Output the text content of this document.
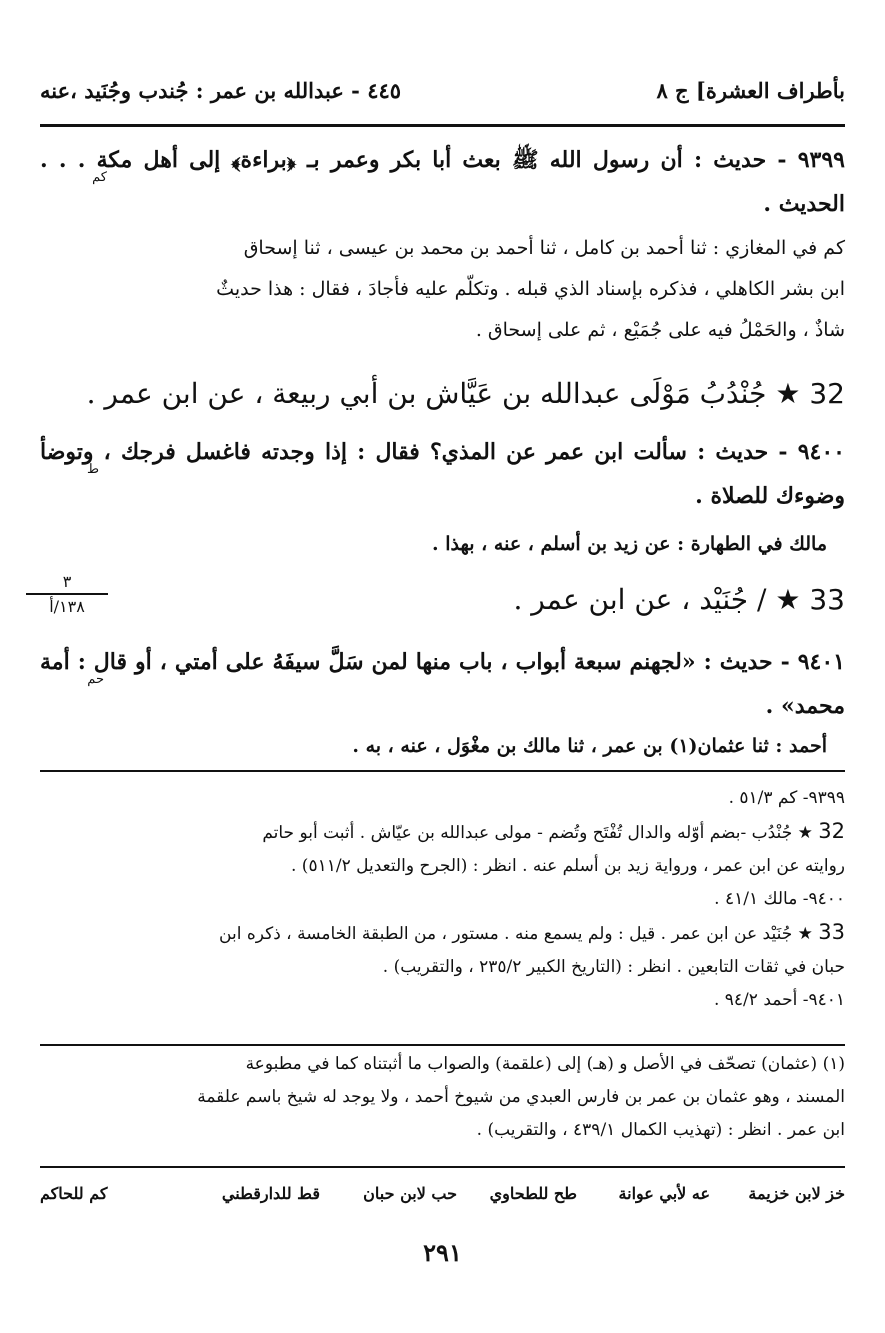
بأطراف العشرة] ج ٨
٤٤٥ - عبدالله بن عمر : جُندب وجُنَيد ،عنه
٩٣٩٩ - حديث : أن رسول الله ﷺ بعث أبا بكر وعمر بـ ﴿براءة﴾ إلى أهل مكة . . . الحديث .
كم
كم في المغازي : ثنا أحمد بن كامل ، ثنا أحمد بن محمد بن عيسى ، ثنا إسحاق
ابن بشر الكاهلي ، فذكره بإسناد الذي قبله . وتكلّم عليه فأجادَ ، فقال : هذا حديثٌ
شاذٌ ، والحَمْلُ فيه على جُمَيْع ، ثم على إسحاق .
32 ★ جُنْدُبُ مَوْلَى عبدالله بن عَيَّاش بن أبي ربيعة ، عن ابن عمر .
٩٤٠٠ - حديث : سألت ابن عمر عن المذي؟ فقال : إذا وجدته فاغسل فرجك ، وتوضأ وضوءك للصلاة .
ط
مالك في الطهارة : عن زيد بن أسلم ، عنه ، بهذا .
٣
١٣٨/أ	33 ★ / جُنَيْد ، عن ابن عمر .
٩٤٠١ - حديث : «لجهنم سبعة أبواب ، باب منها لمن سَلَّ سيفَهُ على أمتي ، أو قال : أمة محمد» .
حم
أحمد : ثنا عثمان(١) بن عمر ، ثنا مالك بن مغْوَل ، عنه ، به .
٩٣٩٩- كم ٥١/٣ .
32 ★ جُنْدُب -بضم أوّله والدال تُفْتَح وتُضم - مولى عبدالله بن عيّاش . أثبت أبو حاتم
روايته عن ابن عمر ، ورواية زيد بن أسلم عنه . انظر : (الجرح والتعديل ٥١١/٢) .
٩٤٠٠- مالك ٤١/١ .
33 ★ جُنَيْد عن ابن عمر . قيل : ولم يسمع منه . مستور ، من الطبقة الخامسة ، ذكره ابن
حبان في ثقات التابعين . انظر : (التاريخ الكبير ٢٣٥/٢ ، والتقريب) .
٩٤٠١- أحمد ٩٤/٢ .
(١) (عثمان) تصحّف في الأصل و (هـ) إلى (علقمة) والصواب ما أثبتناه كما في مطبوعة
المسند ، وهو عثمان بن عمر بن فارس العبدي من شيوخ أحمد ، ولا يوجد له شيخ باسم علقمة
ابن عمر . انظر : (تهذيب الكمال ٤٣٩/١ ، والتقريب) .
خز لابن خزيمة
عه لأبي عوانة
طح للطحاوي
حب لابن حبان
قط للدارقطني
كم للحاكم
٢٩١
